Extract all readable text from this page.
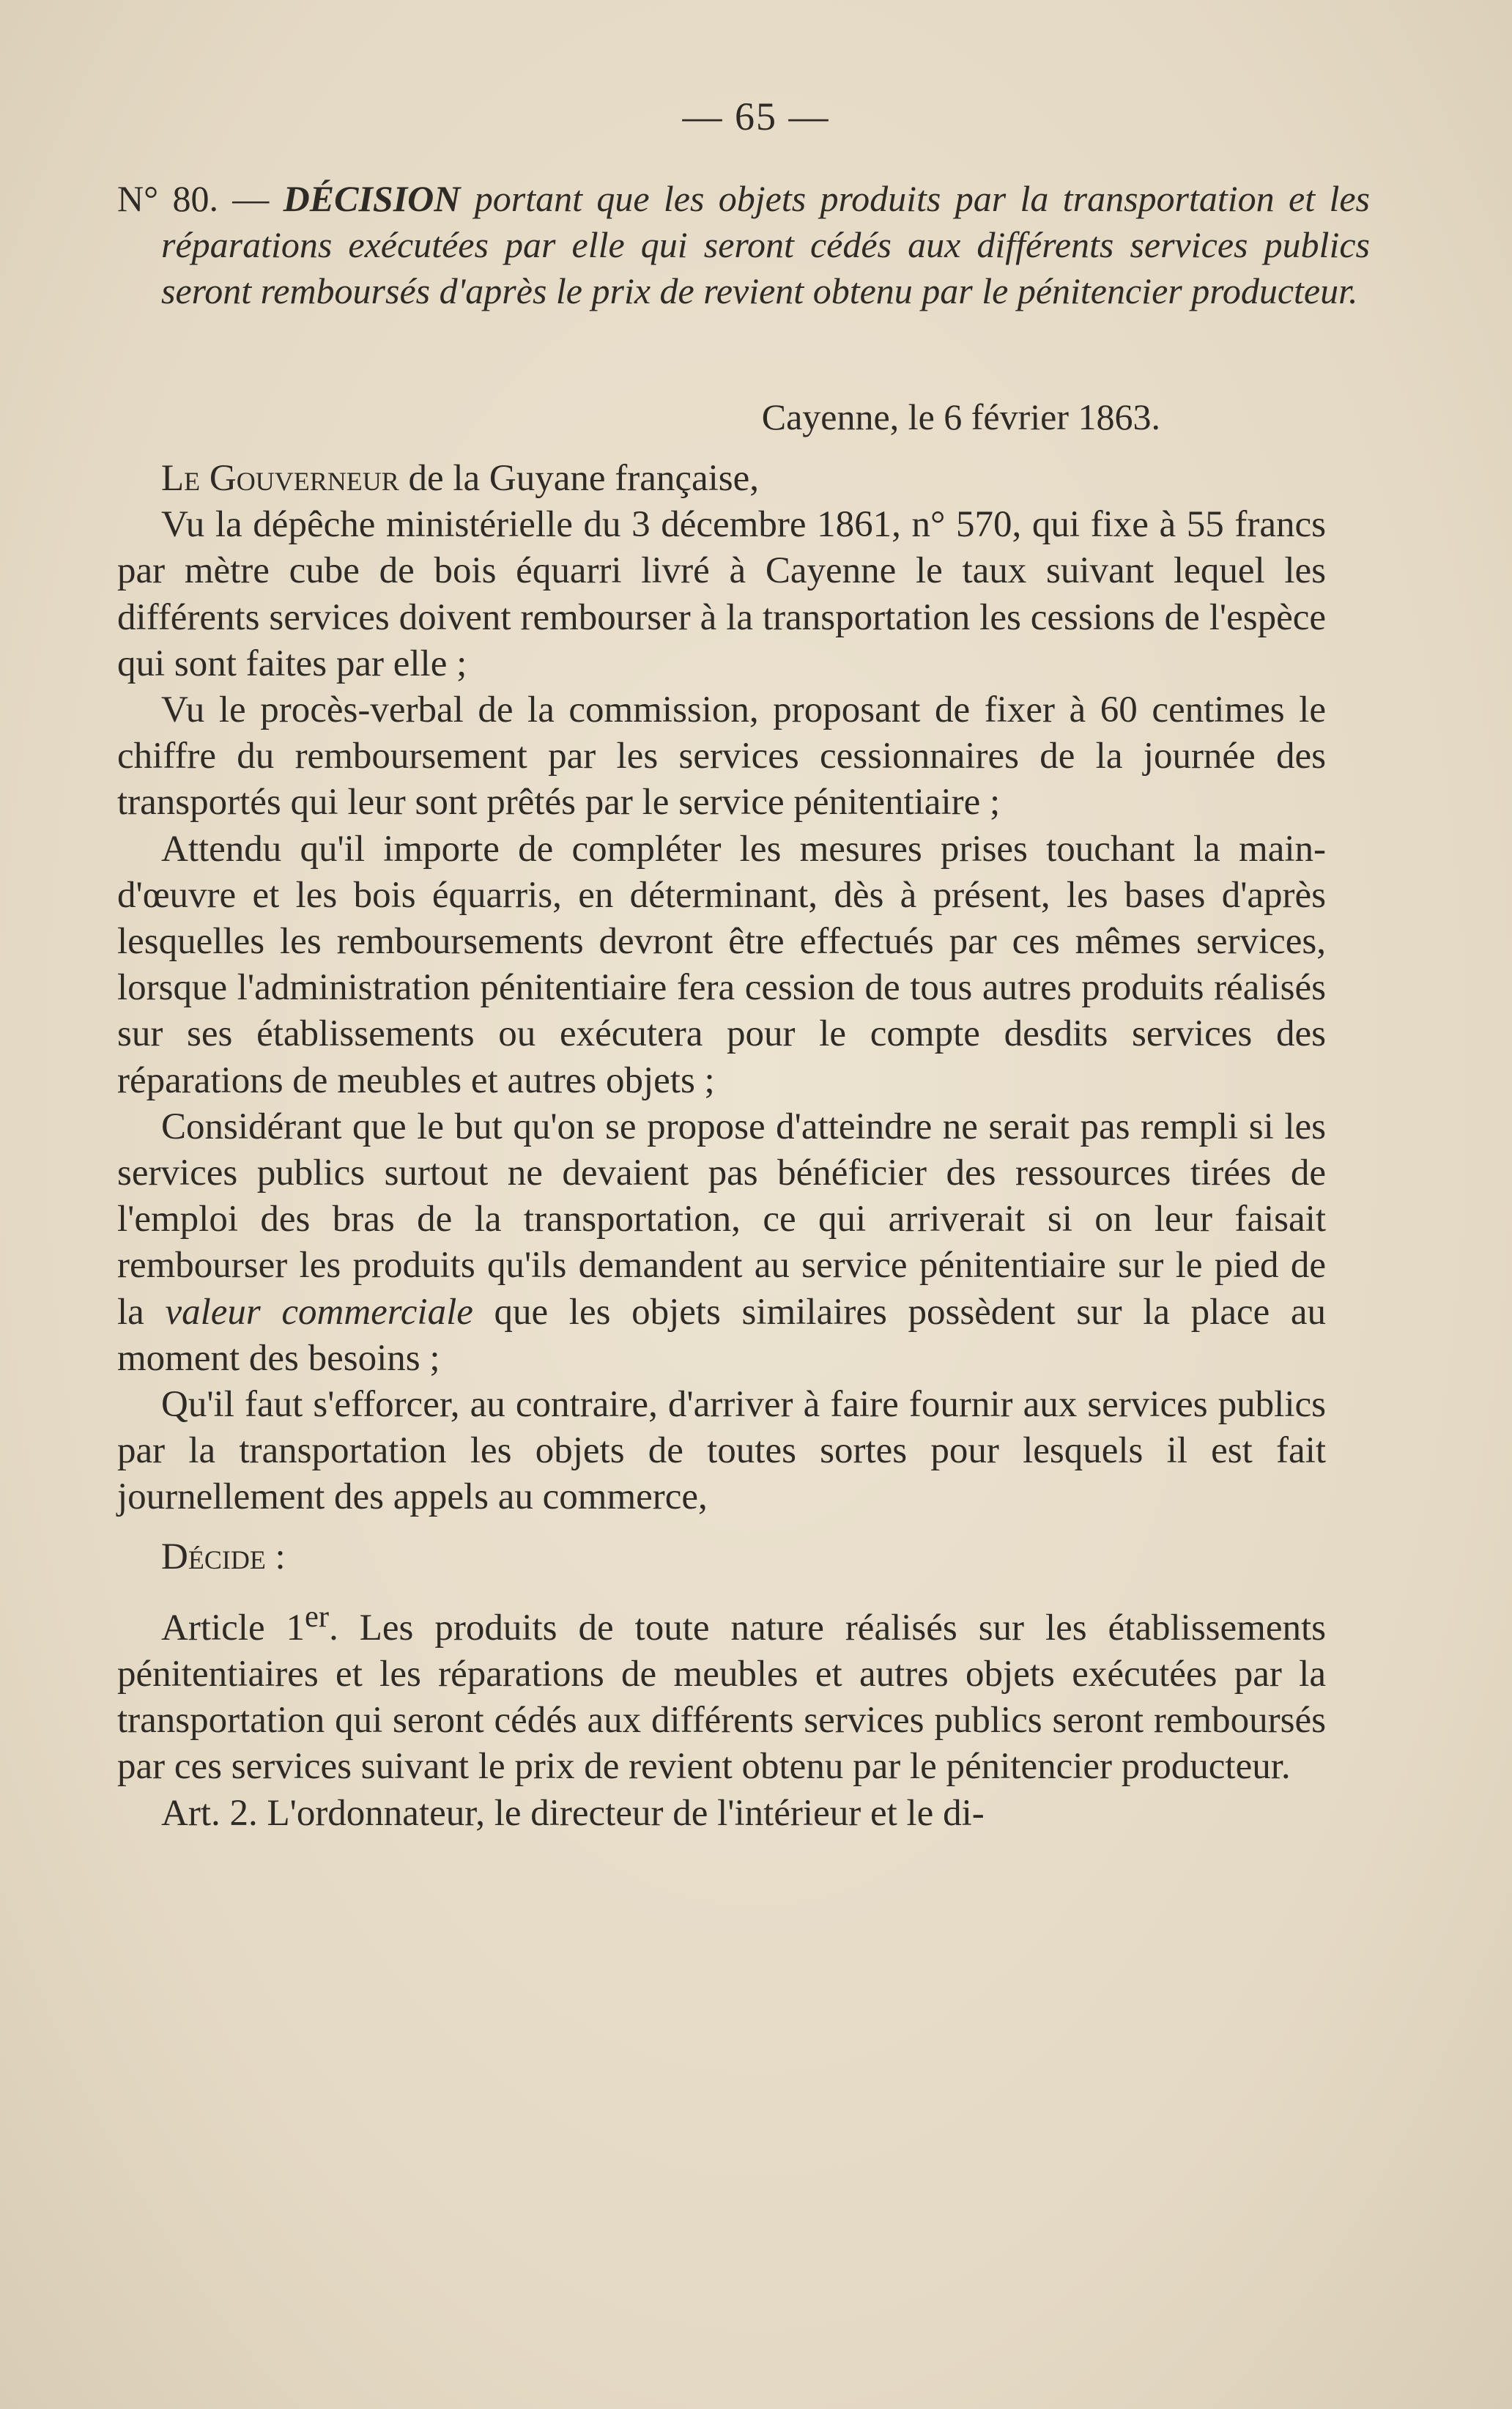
— 65 —
N° 80. — DÉCISION portant que les objets produits par la transportation et les réparations exécutées par elle qui seront cédés aux différents services publics seront remboursés d'après le prix de revient obtenu par le pénitencier producteur.
Cayenne, le 6 février 1863.

Le Gouverneur de la Guyane française,

Vu la dépêche ministérielle du 3 décembre 1861, n° 570, qui fixe à 55 francs par mètre cube de bois équarri livré à Cayenne le taux suivant lequel les différents services doivent rembourser à la transportation les cessions de l'espèce qui sont faites par elle ;

Vu le procès-verbal de la commission, proposant de fixer à 60 centimes le chiffre du remboursement par les services cessionnaires de la journée des transportés qui leur sont prêtés par le service pénitentiaire ;

Attendu qu'il importe de compléter les mesures prises touchant la main-d'œuvre et les bois équarris, en déterminant, dès à présent, les bases d'après lesquelles les remboursements devront être effectués par ces mêmes services, lorsque l'administration pénitentiaire fera cession de tous autres produits réalisés sur ses établissements ou exécutera pour le compte desdits services des réparations de meubles et autres objets ;

Considérant que le but qu'on se propose d'atteindre ne serait pas rempli si les services publics surtout ne devaient pas bénéficier des ressources tirées de l'emploi des bras de la transportation, ce qui arriverait si on leur faisait rembourser les produits qu'ils demandent au service pénitentiaire sur le pied de la valeur commerciale que les objets similaires possèdent sur la place au moment des besoins ;

Qu'il faut s'efforcer, au contraire, d'arriver à faire fournir aux services publics par la transportation les objets de toutes sortes pour lesquels il est fait journellement des appels au commerce,

Décide :

Article 1er. Les produits de toute nature réalisés sur les établissements pénitentiaires et les réparations de meubles et autres objets exécutées par la transportation qui seront cédés aux différents services publics seront remboursés par ces services suivant le prix de revient obtenu par le pénitencier producteur.

Art. 2. L'ordonnateur, le directeur de l'intérieur et le di-
